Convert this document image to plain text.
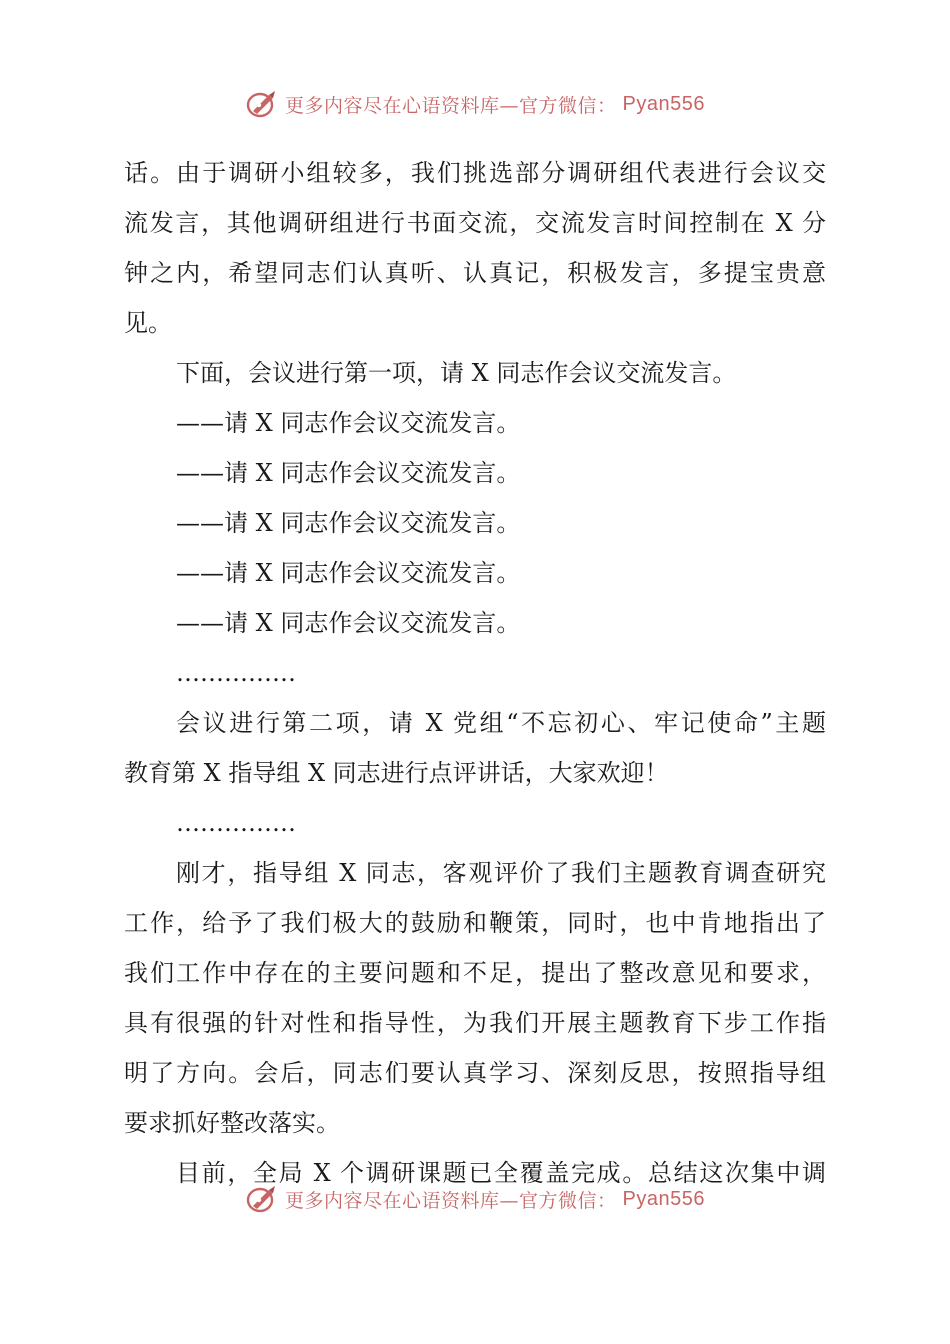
更多内容尽在心语资料库—官方微信： Pyan556
话。由于调研小组较多，我们挑选部分调研组代表进行会议交
流发言，其他调研组进行书面交流，交流发言时间控制在 X 分
钟之内，希望同志们认真听、认真记，积极发言，多提宝贵意
见。
下面，会议进行第一项，请 X 同志作会议交流发言。
——请 X 同志作会议交流发言。
——请 X 同志作会议交流发言。
——请 X 同志作会议交流发言。
——请 X 同志作会议交流发言。
——请 X 同志作会议交流发言。
……………
会议进行第二项，请 X 党组“不忘初心、牢记使命”主题
教育第 X 指导组 X 同志进行点评讲话，大家欢迎！
……………
刚才，指导组 X 同志，客观评价了我们主题教育调查研究
工作，给予了我们极大的鼓励和鞭策，同时，也中肯地指出了
我们工作中存在的主要问题和不足，提出了整改意见和要求，
具有很强的针对性和指导性，为我们开展主题教育下步工作指
明了方向。会后，同志们要认真学习、深刻反思，按照指导组
要求抓好整改落实。
目前，全局 X 个调研课题已全覆盖完成。总结这次集中调
更多内容尽在心语资料库—官方微信： Pyan556
